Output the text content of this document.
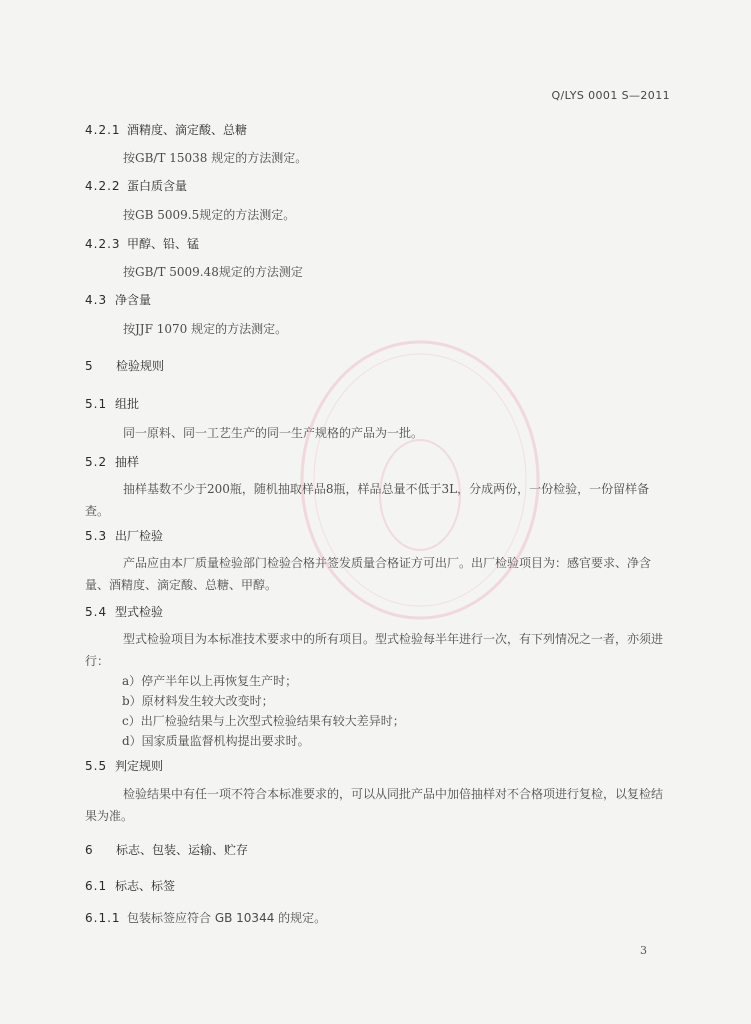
Q/LYS 0001 S—2011
4.2.1 酒精度、滴定酸、总糖
按GB/T 15038 规定的方法测定。
4.2.2 蛋白质含量
按GB 5009.5规定的方法测定。
4.2.3 甲醇、铅、锰
按GB/T 5009.48规定的方法测定
4.3 净含量
按JJF 1070 规定的方法测定。
5 检验规则
5.1 组批
同一原料、同一工艺生产的同一生产规格的产品为一批。
5.2 抽样
抽样基数不少于200瓶，随机抽取样品8瓶，样品总量不低于3L，分成两份，一份检验，一份留样备查。
5.3 出厂检验
产品应由本厂质量检验部门检验合格并签发质量合格证方可出厂。出厂检验项目为：感官要求、净含量、酒精度、滴定酸、总糖、甲醇。
5.4 型式检验
型式检验项目为本标准技术要求中的所有项目。型式检验每半年进行一次，有下列情况之一者，亦须进行：
a）停产半年以上再恢复生产时；
b）原材料发生较大改变时；
c）出厂检验结果与上次型式检验结果有较大差异时；
d）国家质量监督机构提出要求时。
5.5 判定规则
检验结果中有任一项不符合本标准要求的，可以从同批产品中加倍抽样对不合格项进行复检，以复检结果为准。
6 标志、包装、运输、贮存
6.1 标志、标签
6.1.1 包装标签应符合 GB 10344 的规定。
3
